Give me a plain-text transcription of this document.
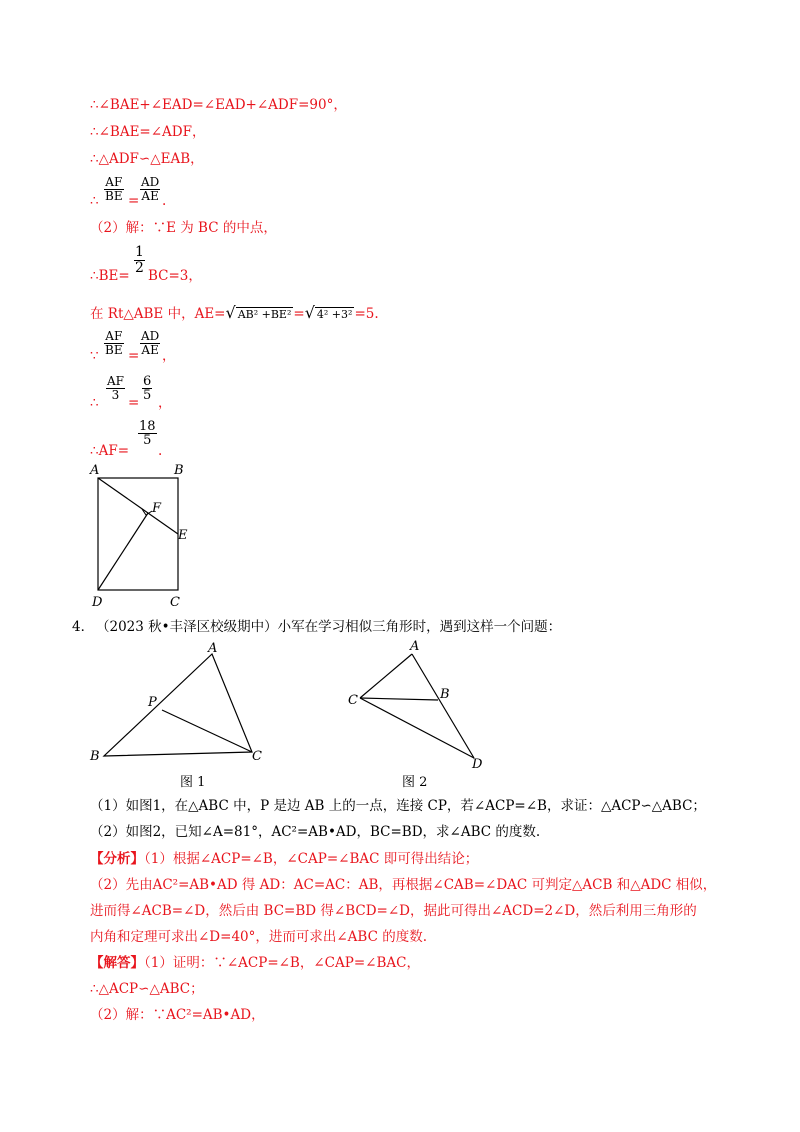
∴∠BAE+∠EAD=∠EAD+∠ADF=90°，
∴∠BAE=∠ADF，
∴△ADF∽△EAB，
∴ $\frac{AF}{BE} = \frac{AD}{AE}$ .
（2）解：∵E 为 BC 的中点，
∴BE= $\frac{1}{2} BC=3$，
在 Rt△ABE 中，AE=√ AB² +BE² =√ 4² +3² =5.
∵ $\frac{AF}{BE} = \frac{AD}{AE}$ ，
∴
$\frac{AF}{3}$
=
$\frac{6}{5}$
，
∴AF=
$\frac{18}{5}$
.
A	B
F
E
D	C
4． （2023 秋•丰泽区校级期中）小军在学习相似三角形时，遇到这样一个问题：
A
P
B	C
图 1
A
B
C
D
图 2
（1）如图1，在△ABC 中，P 是边 AB 上的一点，连接 CP，若∠ACP=∠B，求证：△ACP∽△ABC；
（2）如图2，已知∠A=81°，AC²=AB•AD，BC=BD，求∠ABC 的度数.
【分析】（1）根据∠ACP=∠B，∠CAP=∠BAC 即可得出结论；
（2）先由AC²=AB•AD 得 AD：AC=AC：AB，再根据∠CAB=∠DAC 可判定△ACB 和△ADC 相似，
进而得∠ACB=∠D，然后由 BC=BD 得∠BCD=∠D，据此可得出∠ACD=2∠D，然后利用三角形的
内角和定理可求出∠D=40°，进而可求出∠ABC 的度数.
【解答】（1）证明：∵∠ACP=∠B，∠CAP=∠BAC，
∴△ACP∽△ABC；
（2）解：∵AC²=AB•AD，
